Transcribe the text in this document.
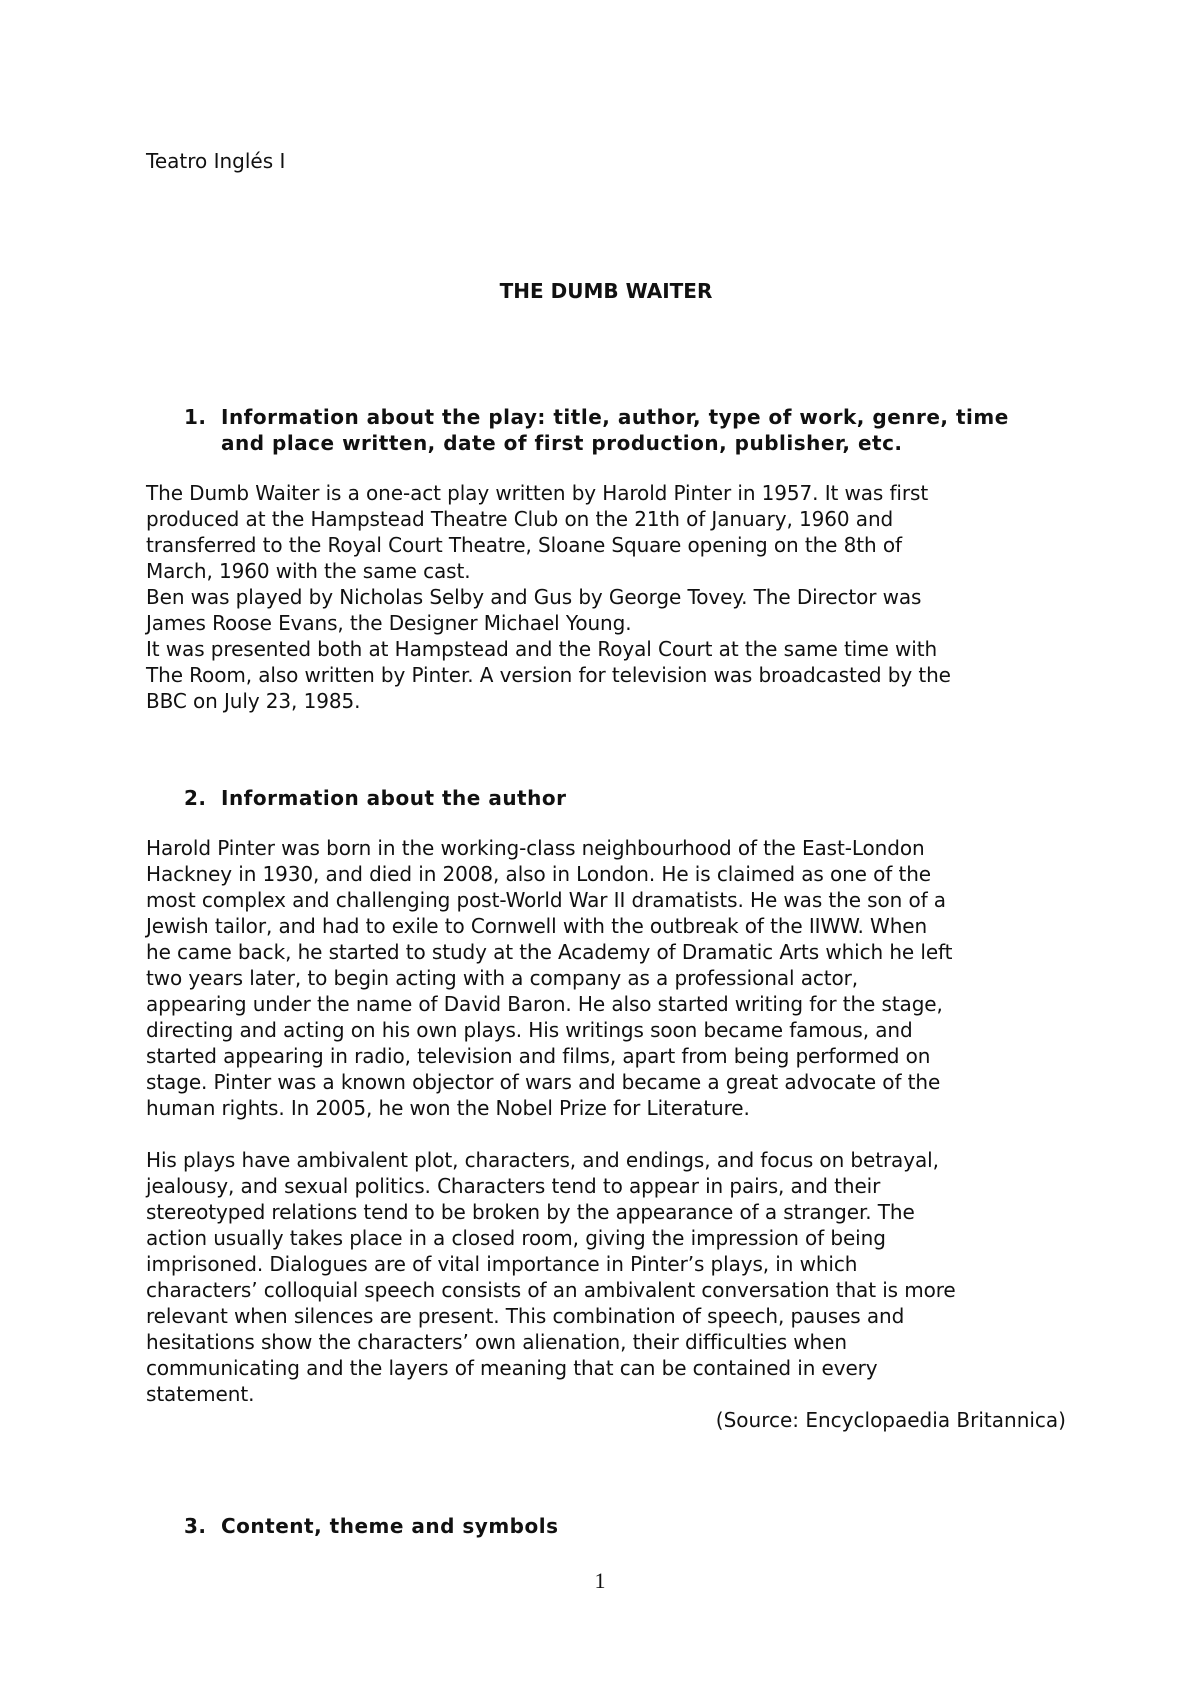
Teatro Inglés I

THE DUMB WAITER
1. Information about the play: title, author, type of work, genre, time
and place written, date of first production, publisher, etc.

The Dumb Waiter is a one-act play written by Harold Pinter in 1957. It was first
produced at the Hampstead Theatre Club on the 21th of January, 1960 and
transferred to the Royal Court Theatre, Sloane Square opening on the 8th of
March, 1960 with the same cast.
Ben was played by Nicholas Selby and Gus by George Tovey. The Director was
James Roose Evans, the Designer Michael Young.
It was presented both at Hampstead and the Royal Court at the same time with
The Room, also written by Pinter. A version for television was broadcasted by the
BBC on July 23, 1985.

2. Information about the author

Harold Pinter was born in the working-class neighbourhood of the East-London
Hackney in 1930, and died in 2008, also in London. He is claimed as one of the
most complex and challenging post-World War II dramatists. He was the son of a
Jewish tailor, and had to exile to Cornwell with the outbreak of the IIWW. When
he came back, he started to study at the Academy of Dramatic Arts which he left
two years later, to begin acting with a company as a professional actor,
appearing under the name of David Baron. He also started writing for the stage,
directing and acting on his own plays. His writings soon became famous, and
started appearing in radio, television and films, apart from being performed on
stage. Pinter was a known objector of wars and became a great advocate of the
human rights. In 2005, he won the Nobel Prize for Literature.

His plays have ambivalent plot, characters, and endings, and focus on betrayal,
jealousy, and sexual politics. Characters tend to appear in pairs, and their
stereotyped relations tend to be broken by the appearance of a stranger. The
action usually takes place in a closed room, giving the impression of being
imprisoned. Dialogues are of vital importance in Pinter’s plays, in which
characters’ colloquial speech consists of an ambivalent conversation that is more
relevant when silences are present. This combination of speech, pauses and
hesitations show the characters’ own alienation, their difficulties when
communicating and the layers of meaning that can be contained in every
statement.

(Source: Encyclopaedia Britannica)

3. Content, theme and symbols
1
